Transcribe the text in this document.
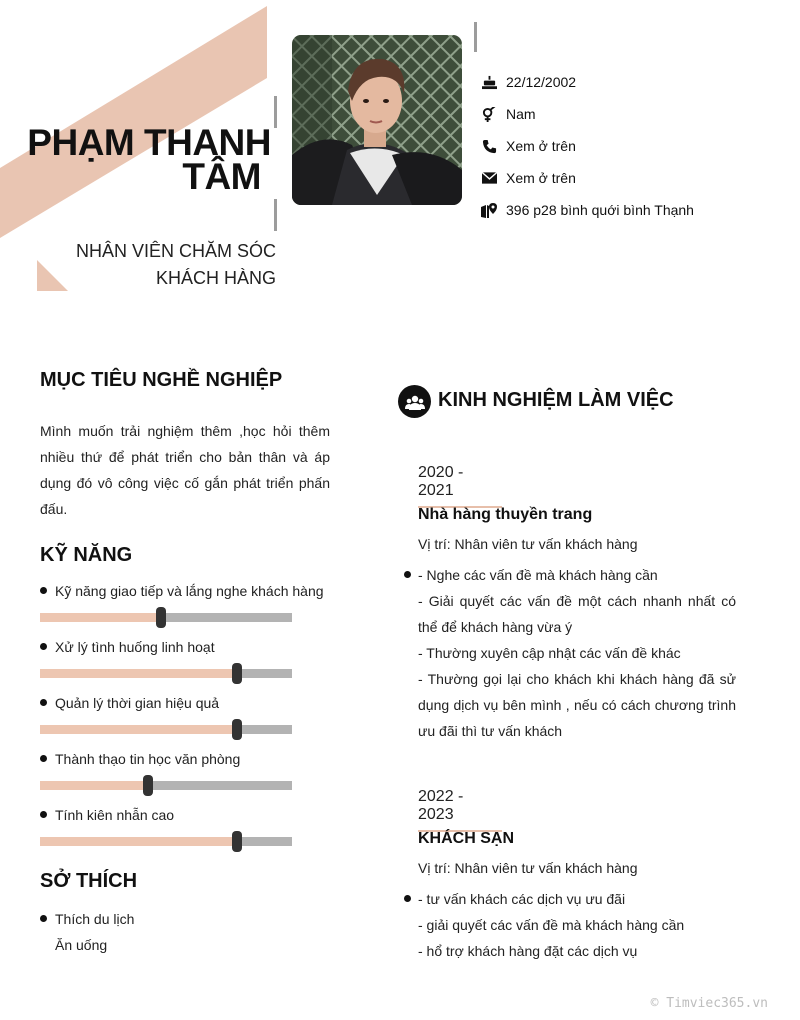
PHẠM THANH
TÂM
NHÂN VIÊN CHĂM SÓC
KHÁCH HÀNG
22/12/2002
Nam
Xem ở trên
Xem ở trên
396 p28 bình quới bình Thạnh
MỤC TIÊU NGHỀ NGHIỆP
Mình muốn trải nghiệm thêm ,học hỏi thêm nhiều thứ để phát triển cho bản thân và áp dụng đó vô công việc cố gắn phát triển phấn đấu.
KỸ NĂNG
Kỹ năng giao tiếp và lắng nghe khách hàng
Xử lý tình huống linh hoạt
Quản lý thời gian hiệu quả
Thành thạo tin học văn phòng
Tính kiên nhẫn cao
SỞ THÍCH
Thích du lịch
Ăn uống
KINH NGHIỆM LÀM VIỆC
2020 - 2021
Nhà hàng thuyền trang
Vị trí: Nhân viên tư vấn khách hàng
- Nghe các vấn đề mà khách hàng cần
- Giải quyết các vấn đề một cách nhanh nhất có thể để khách hàng vừa ý
- Thường xuyên cập nhật các vấn đề khác
- Thường gọi lại cho khách khi khách hàng đã sử dụng dịch vụ bên mình , nếu có cách chương trình ưu đãi thì tư vấn khách
2022 - 2023
KHÁCH SẠN
Vị trí: Nhân viên tư vấn khách hàng
- tư vấn khách các dịch vụ ưu đãi
- giải quyết các vấn đề mà khách hàng cần
- hổ trợ khách hàng đặt các dịch vụ
© Timviec365.vn
